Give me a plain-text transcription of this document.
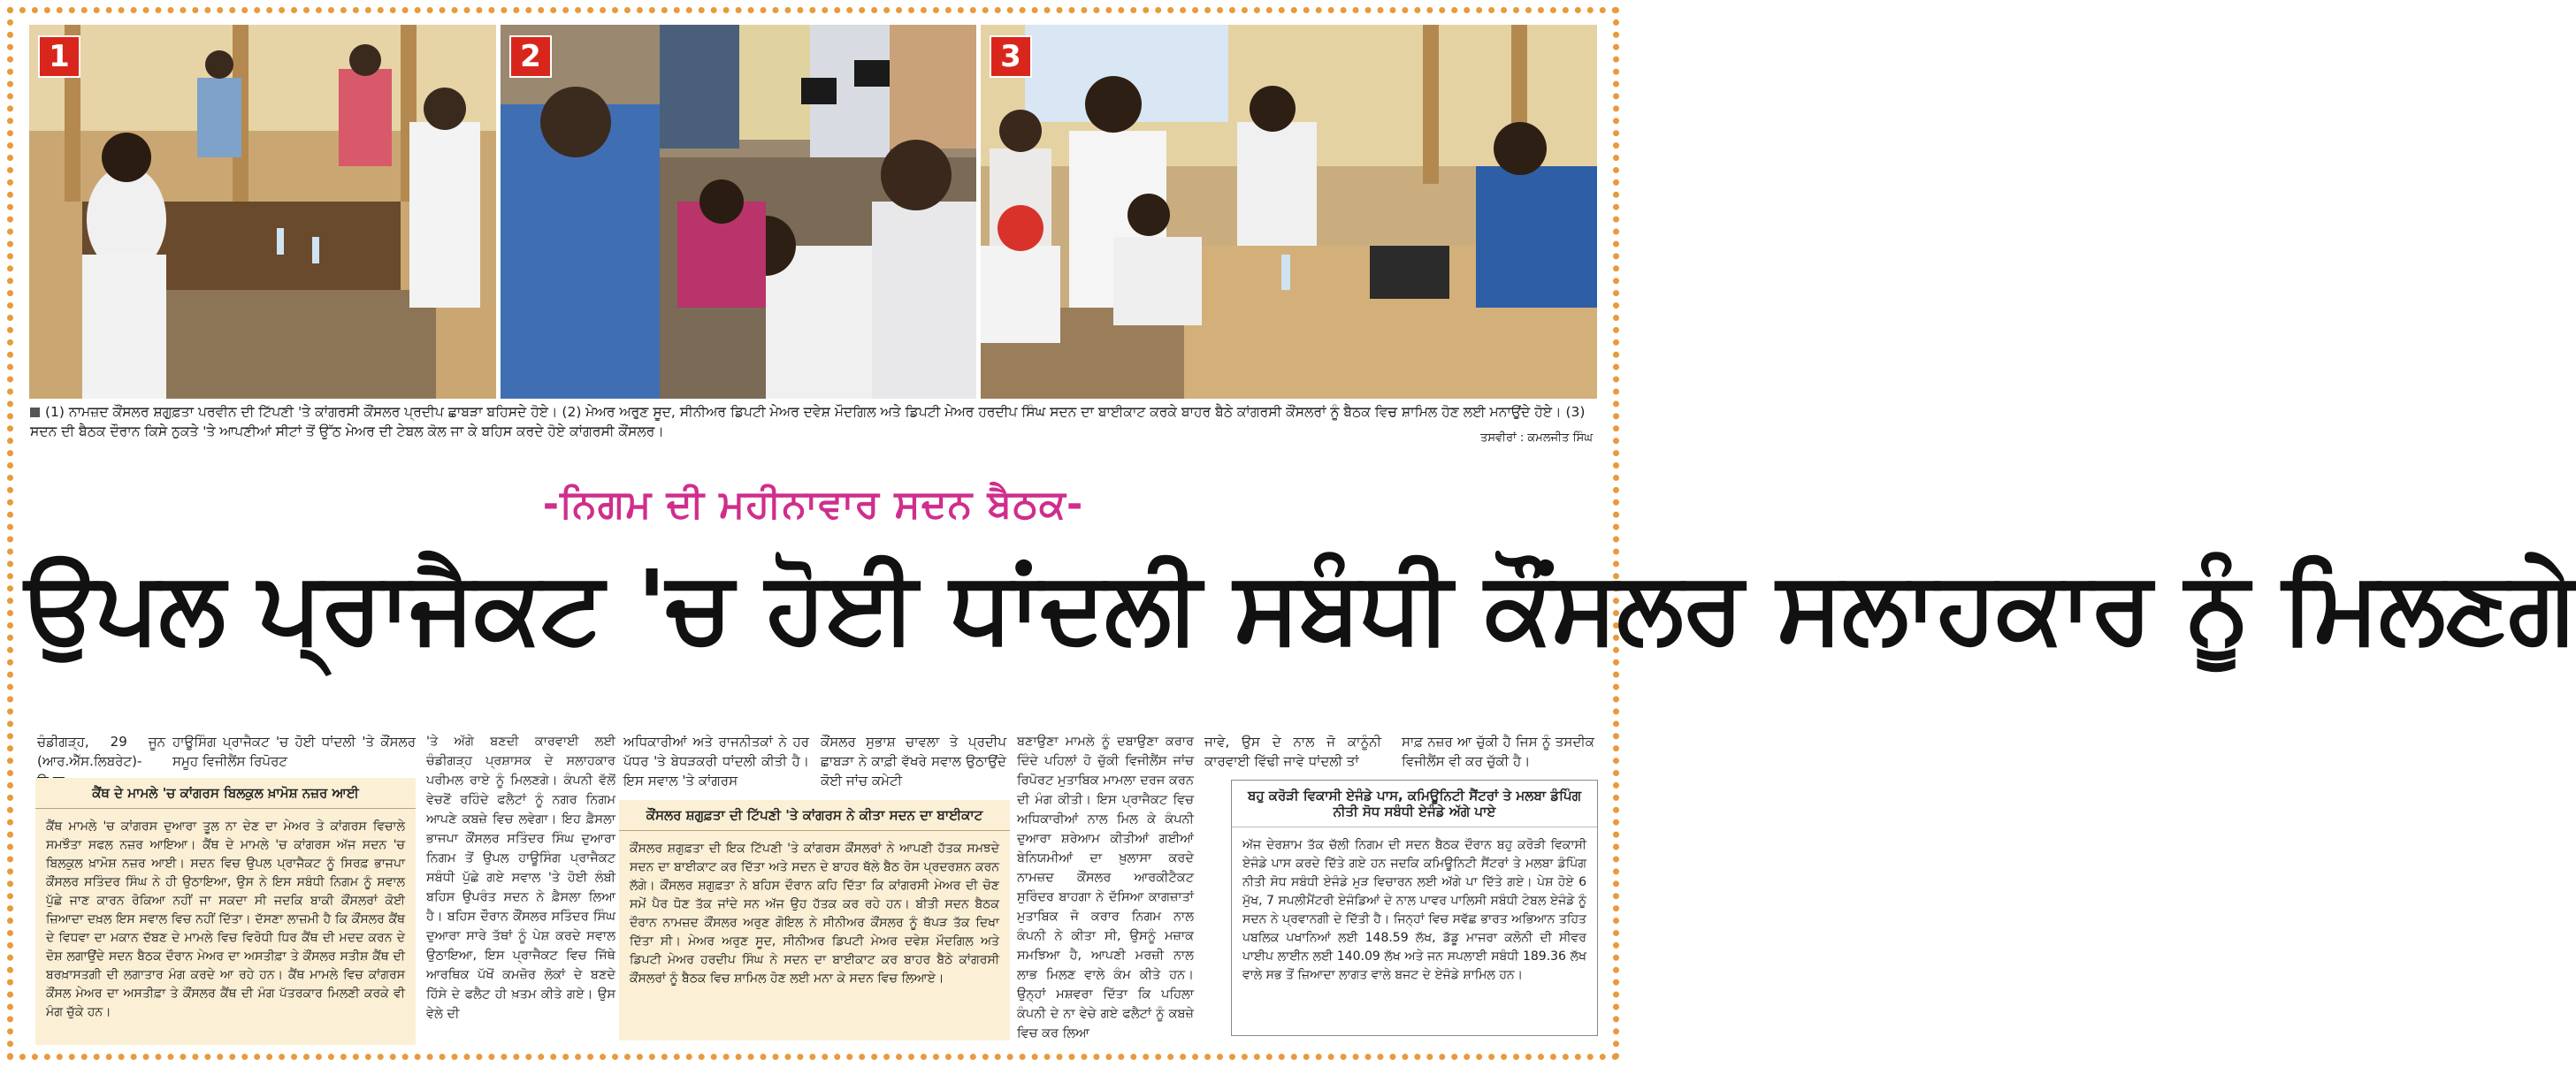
1	2	3
(1) ਨਾਮਜ਼ਦ ਕੌਂਸਲਰ ਸ਼ਗੁਫ਼ਤਾ ਪਰਵੀਨ ਦੀ ਟਿੱਪਣੀ 'ਤੇ ਕਾਂਗਰਸੀ ਕੌਂਸਲਰ ਪ੍ਰਦੀਪ ਛਾਬੜਾ ਬਹਿਸਦੇ ਹੋਏ। (2) ਮੇਅਰ ਅਰੁਣ ਸੂਦ, ਸੀਨੀਅਰ ਡਿਪਟੀ ਮੇਅਰ ਦਵੇਸ਼ ਮੌਦਗਿਲ ਅਤੇ ਡਿਪਟੀ ਮੇਅਰ ਹਰਦੀਪ ਸਿੰਘ ਸਦਨ ਦਾ ਬਾਈਕਾਟ ਕਰਕੇ ਬਾਹਰ ਬੈਠੇ ਕਾਂਗਰਸੀ ਕੌਂਸਲਰਾਂ ਨੂੰ ਬੈਠਕ ਵਿਚ ਸ਼ਾਮਿਲ ਹੋਣ ਲਈ ਮਨਾਉਂਦੇ ਹੋਏ। (3) ਸਦਨ ਦੀ ਬੈਠਕ ਦੌਰਾਨ ਕਿਸੇ ਨੁਕਤੇ 'ਤੇ ਆਪਣੀਆਂ ਸੀਟਾਂ ਤੋਂ ਉੱਠ ਮੇਅਰ ਦੀ ਟੇਬਲ ਕੋਲ ਜਾ ਕੇ ਬਹਿਸ ਕਰਦੇ ਹੋਏ ਕਾਂਗਰਸੀ ਕੌਂਸਲਰ।	ਤਸਵੀਰਾਂ : ਕਮਲਜੀਤ ਸਿੰਘ
-ਨਿਗਮ ਦੀ ਮਹੀਨਾਵਾਰ ਸਦਨ ਬੈਠਕ-
ਉਪਲ ਪ੍ਰਾਜੈਕਟ 'ਚ ਹੋਈ ਧਾਂਦਲੀ ਸਬੰਧੀ ਕੌਂਸਲਰ ਸਲਾਹਕਾਰ ਨੂੰ ਮਿਲਣਗੇ

ਚੰਡੀਗੜ੍ਹ, 29 ਜੂਨ (ਆਰ.ਐੱਸ.ਲਿਬਰੇਟ)-

ਹਾਊਸਿੰਗ ਪ੍ਰਾਜੈਕਟ 'ਚ ਹੋਈ ਧਾਂਦਲੀ 'ਤੇ ਕੌਂਸਲਰ ਸਮੂਹ ਵਿਜੀਲੈਂਸ ਰਿਪੋਰਟ

ਕੈਂਥ ਦੇ ਮਾਮਲੇ 'ਚ ਕਾਂਗਰਸ ਬਿਲਕੁਲ ਖ਼ਾਮੋਸ਼ ਨਜ਼ਰ ਆਈ
ਕੈਂਥ ਮਾਮਲੇ 'ਚ ਕਾਂਗਰਸ ਦੁਆਰਾ ਤੂਲ ਨਾ ਦੇਣ ਦਾ ਮੇਅਰ ਤੇ ਕਾਂਗਰਸ ਵਿਚਾਲੇ ਸਮਝੌਤਾ ਸਫਲ ਨਜ਼ਰ ਆਇਆ। ਕੈਂਥ ਦੇ ਮਾਮਲੇ 'ਚ ਕਾਂਗਰਸ ਅੱਜ ਸਦਨ 'ਚ ਬਿਲਕੁਲ ਖ਼ਾਮੋਸ਼ ਨਜ਼ਰ ਆਈ। ਸਦਨ ਵਿਚ ਉਪਲ ਪ੍ਰਾਜੈਕਟ ਨੂੰ ਸਿਰਫ਼ ਭਾਜਪਾ ਕੌਂਸਲਰ ਸਤਿੰਦਰ ਸਿੰਘ ਨੇ ਹੀ ਉਠਾਇਆ, ਉਸ ਨੇ ਇਸ ਸਬੰਧੀ ਨਿਗਮ ਨੂੰ ਸਵਾਲ ਪੁੱਛੇ ਜਾਣ ਕਾਰਨ ਰੋਕਿਆ ਨਹੀਂ ਜਾ ਸਕਦਾ ਸੀ ਜਦਕਿ ਬਾਕੀ ਕੌਂਸਲਰਾਂ ਕੋਈ ਜ਼ਿਆਦਾ ਦਖ਼ਲ ਇਸ ਸਵਾਲ ਵਿਚ ਨਹੀਂ ਦਿੱਤਾ। ਦੱਸਣਾ ਲਾਜ਼ਮੀ ਹੈ ਕਿ ਕੌਂਸਲਰ ਕੈਂਥ ਦੇ ਵਿਧਵਾ ਦਾ ਮਕਾਨ ਦੱਬਣ ਦੇ ਮਾਮਲੇ ਵਿਚ ਵਿਰੋਧੀ ਧਿਰ ਕੈਂਥ ਦੀ ਮਦਦ ਕਰਨ ਦੇ ਦੋਸ਼ ਲਗਾਉਂਦੇ ਸਦਨ ਬੈਠਕ ਦੌਰਾਨ ਮੇਅਰ ਦਾ ਅਸਤੀਫ਼ਾ ਤੇ ਕੌਂਸਲਰ ਸਤੀਸ਼ ਕੈਂਥ ਦੀ ਬਰਖ਼ਾਸਤਗੀ ਦੀ ਲਗਾਤਾਰ ਮੰਗ ਕਰਦੇ ਆ ਰਹੇ ਹਨ। ਕੈਂਥ ਮਾਮਲੇ ਵਿਚ ਕਾਂਗਰਸ ਕੌਂਸਲ ਮੇਅਰ ਦਾ ਅਸਤੀਫ਼ਾ ਤੇ ਕੌਂਸਲਰ ਕੈਂਥ ਦੀ ਮੰਗ ਪੱਤਰਕਾਰ ਮਿਲਣੀ ਕਰਕੇ ਵੀ ਮੰਗ ਚੁੱਕੇ ਹਨ।

'ਤੇ ਅੱਗੇ ਬਣਦੀ ਕਾਰਵਾਈ ਲਈ ਚੰਡੀਗੜ੍ਹ ਪ੍ਰਸ਼ਾਸਕ ਦੇ ਸਲਾਹਕਾਰ ਪਰੀਮਲ ਰਾਏ ਨੂੰ ਮਿਲਣਗੇ। ਕੰਪਨੀ ਵੱਲੋਂ ਵੇਚਣੋਂ ਰਹਿੰਦੇ ਫਲੈਟਾਂ ਨੂੰ ਨਗਰ ਨਿਗਮ ਆਪਣੇ ਕਬਜ਼ੇ ਵਿਚ ਲਵੇਗਾ। ਇਹ ਫ਼ੈਸਲਾ ਭਾਜਪਾ ਕੌਂਸਲਰ ਸਤਿੰਦਰ ਸਿੰਘ ਦੁਆਰਾ ਨਿਗਮ ਤੋਂ ਉਪਲ ਹਾਊਸਿੰਗ ਪ੍ਰਾਜੈਕਟ ਸਬੰਧੀ ਪੁੱਛੇ ਗਏ ਸਵਾਲ 'ਤੇ ਹੋਈ ਲੰਬੀ ਬਹਿਸ ਉਪਰੰਤ ਸਦਨ ਨੇ ਫ਼ੈਸਲਾ ਲਿਆ ਹੈ। ਬਹਿਸ ਦੌਰਾਨ ਕੌਂਸਲਰ ਸਤਿੰਦਰ ਸਿੰਘ ਦੁਆਰਾ ਸਾਰੇ ਤੱਥਾਂ ਨੂੰ ਪੇਸ਼ ਕਰਦੇ ਸਵਾਲ ਉਠਾਇਆ, ਇਸ ਪ੍ਰਾਜੈਕਟ ਵਿਚ ਜਿੱਥੇ ਆਰਥਿਕ ਪੱਖੋਂ ਕਮਜ਼ੋਰ ਲੋਕਾਂ ਦੇ ਬਣਦੇ ਹਿੱਸੇ ਦੇ ਫਲੈਟ ਹੀ ਖ਼ਤਮ ਕੀਤੇ ਗਏ। ਉਸ ਵੇਲੇ ਦੀ

ਅਧਿਕਾਰੀਆਂ ਅਤੇ ਰਾਜਨੀਤਕਾਂ ਨੇ ਹਰ ਪੱਧਰ 'ਤੇ ਬੇਧੜਕਰੀ ਧਾਂਦਲੀ ਕੀਤੀ ਹੈ। ਇਸ ਸਵਾਲ 'ਤੇ ਕਾਂਗਰਸ

ਕੌਂਸਲਰ ਸੁਭਾਸ਼ ਚਾਵਲਾ ਤੇ ਪ੍ਰਦੀਪ ਛਾਬੜਾ ਨੇ ਕਾਫ਼ੀ ਵੱਖਰੇ ਸਵਾਲ ਉਠਾਉਂਦੇ ਕੋਈ ਜਾਂਚ ਕਮੇਟੀ

ਕੌਂਸਲਰ ਸ਼ਗੁਫ਼ਤਾ ਦੀ ਟਿੱਪਣੀ 'ਤੇ ਕਾਂਗਰਸ ਨੇ ਕੀਤਾ ਸਦਨ ਦਾ ਬਾਈਕਾਟ
ਕੌਂਸਲਰ ਸ਼ਗੁਫ਼ਤਾ ਦੀ ਇਕ ਟਿੱਪਣੀ 'ਤੇ ਕਾਂਗਰਸ ਕੌਂਸਲਰਾਂ ਨੇ ਆਪਣੀ ਹੱਤਕ ਸਮਝਦੇ ਸਦਨ ਦਾ ਬਾਈਕਾਟ ਕਰ ਦਿੱਤਾ ਅਤੇ ਸਦਨ ਦੇ ਬਾਹਰ ਥੱਲੇ ਬੈਠ ਰੋਸ ਪ੍ਰਦਰਸ਼ਨ ਕਰਨ ਲੱਗੇ। ਕੌਂਸਲਰ ਸ਼ਗੁਫ਼ਤਾ ਨੇ ਬਹਿਸ ਦੌਰਾਨ ਕਹਿ ਦਿੱਤਾ ਕਿ ਕਾਂਗਰਸੀ ਮੇਅਰ ਦੀ ਚੋਣ ਸਮੇਂ ਪੈਰ ਧੋਣ ਤੱਕ ਜਾਂਦੇ ਸਨ ਅੱਜ ਉਹ ਹੱਤਕ ਕਰ ਰਹੇ ਹਨ। ਬੀਤੀ ਸਦਨ ਬੈਠਕ ਦੌਰਾਨ ਨਾਮਜ਼ਦ ਕੌਂਸਲਰ ਅਰੁਣ ਗੋਇਲ ਨੇ ਸੀਨੀਅਰ ਕੌਂਸਲਰ ਨੂੰ ਥੱਪੜ ਤੱਕ ਦਿਖਾ ਦਿੱਤਾ ਸੀ। ਮੇਅਰ ਅਰੁਣ ਸੂਦ, ਸੀਨੀਅਰ ਡਿਪਟੀ ਮੇਅਰ ਦਵੇਸ਼ ਮੌਦਗਿਲ ਅਤੇ ਡਿਪਟੀ ਮੇਅਰ ਹਰਦੀਪ ਸਿੰਘ ਨੇ ਸਦਨ ਦਾ ਬਾਈਕਾਟ ਕਰ ਬਾਹਰ ਬੈਠੇ ਕਾਂਗਰਸੀ ਕੌਂਸਲਰਾਂ ਨੂੰ ਬੈਠਕ ਵਿਚ ਸ਼ਾਮਿਲ ਹੋਣ ਲਈ ਮਨਾ ਕੇ ਸਦਨ ਵਿਚ ਲਿਆਏ।

ਬਣਾਉਣਾ ਮਾਮਲੇ ਨੂੰ ਦਬਾਉਣਾ ਕਰਾਰ ਦਿੰਦੇ ਪਹਿਲਾਂ ਹੋ ਚੁੱਕੀ ਵਿਜੀਲੈਂਸ ਜਾਂਚ ਰਿਪੋਰਟ ਮੁਤਾਬਿਕ ਮਾਮਲਾ ਦਰਜ ਕਰਨ ਦੀ ਮੰਗ ਕੀਤੀ। ਇਸ ਪ੍ਰਾਜੈਕਟ ਵਿਚ ਅਧਿਕਾਰੀਆਂ ਨਾਲ ਮਿਲ ਕੇ ਕੰਪਨੀ ਦੁਆਰਾ ਸ਼ਰੇਆਮ ਕੀਤੀਆਂ ਗਈਆਂ ਬੇਨਿਯਮੀਆਂ ਦਾ ਖ਼ੁਲਾਸਾ ਕਰਦੇ ਨਾਮਜ਼ਦ ਕੌਂਸਲਰ ਆਰਕੀਟੈਕਟ ਸੁਰਿੰਦਰ ਬਾਹਗਾ ਨੇ ਦੱਸਿਆ ਕਾਗਜ਼ਾਤਾਂ ਮੁਤਾਬਿਕ ਜੋ ਕਰਾਰ ਨਿਗਮ ਨਾਲ ਕੰਪਨੀ ਨੇ ਕੀਤਾ ਸੀ, ਉਸਨੂੰ ਮਜ਼ਾਕ ਸਮਝਿਆ ਹੈ, ਆਪਣੀ ਮਰਜ਼ੀ ਨਾਲ ਲਾਭ ਮਿਲਣ ਵਾਲੇ ਕੰਮ ਕੀਤੇ ਹਨ। ਉਨ੍ਹਾਂ ਮਸ਼ਵਰਾ ਦਿੱਤਾ ਕਿ ਪਹਿਲਾ ਕੰਪਨੀ ਦੇ ਨਾ ਵੇਚੇ ਗਏ ਫਲੈਟਾਂ ਨੂੰ ਕਬਜ਼ੇ ਵਿਚ ਕਰ ਲਿਆ

ਜਾਵੇ, ਉਸ ਦੇ ਨਾਲ ਜੋ ਕਾਨੂੰਨੀ ਕਾਰਵਾਈ ਵਿੱਢੀ ਜਾਵੇ ਧਾਂਦਲੀ ਤਾਂ

ਸਾਫ਼ ਨਜ਼ਰ ਆ ਚੁੱਕੀ ਹੈ ਜਿਸ ਨੂੰ ਤਸਦੀਕ ਵਿਜੀਲੈਂਸ ਵੀ ਕਰ ਚੁੱਕੀ ਹੈ।

ਬਹੁ ਕਰੋੜੀ ਵਿਕਾਸੀ ਏਜੰਡੇ ਪਾਸ, ਕਮਿਊਨਿਟੀ ਸੈਂਟਰਾਂ ਤੇ ਮਲਬਾ ਡੰਪਿੰਗ ਨੀਤੀ ਸੋਧ ਸਬੰਧੀ ਏਜੰਡੇ ਅੱਗੇ ਪਾਏ
ਅੱਜ ਦੇਰਸ਼ਾਮ ਤੱਕ ਚੱਲੀ ਨਿਗਮ ਦੀ ਸਦਨ ਬੈਠਕ ਦੌਰਾਨ ਬਹੁ ਕਰੋੜੀ ਵਿਕਾਸੀ ਏਜੰਡੇ ਪਾਸ ਕਰਦੇ ਦਿੱਤੇ ਗਏ ਹਨ ਜਦਕਿ ਕਮਿਊਨਿਟੀ ਸੈਂਟਰਾਂ ਤੇ ਮਲਬਾ ਡੰਪਿੰਗ ਨੀਤੀ ਸੋਧ ਸਬੰਧੀ ਏਜੰਡੇ ਮੁੜ ਵਿਚਾਰਨ ਲਈ ਅੱਗੇ ਪਾ ਦਿੱਤੇ ਗਏ। ਪੇਸ਼ ਹੋਏ 6 ਮੁੱਖ, 7 ਸਪਲੀਮੈਂਟਰੀ ਏਜੰਡਿਆਂ ਦੇ ਨਾਲ ਪਾਵਰ ਪਾਲਿਸੀ ਸਬੰਧੀ ਟੇਬਲ ਏਜੰਡੇ ਨੂੰ ਸਦਨ ਨੇ ਪ੍ਰਵਾਨਗੀ ਦੇ ਦਿੱਤੀ ਹੈ। ਜਿਨ੍ਹਾਂ ਵਿਚ ਸਵੱਛ ਭਾਰਤ ਅਭਿਆਨ ਤਹਿਤ ਪਬਲਿਕ ਪਖਾਨਿਆਂ ਲਈ 148.59 ਲੱਖ, ਡੱਡੂ ਮਾਜਰਾ ਕਲੋਨੀ ਦੀ ਸੀਵਰ ਪਾਈਪ ਲਾਈਨ ਲਈ 140.09 ਲੱਖ ਅਤੇ ਜਨ ਸਪਲਾਈ ਸਬੰਧੀ 189.36 ਲੱਖ ਵਾਲੇ ਸਭ ਤੋਂ ਜ਼ਿਆਦਾ ਲਾਗਤ ਵਾਲੇ ਬਜਟ ਦੇ ਏਜੰਡੇ ਸ਼ਾਮਿਲ ਹਨ।
